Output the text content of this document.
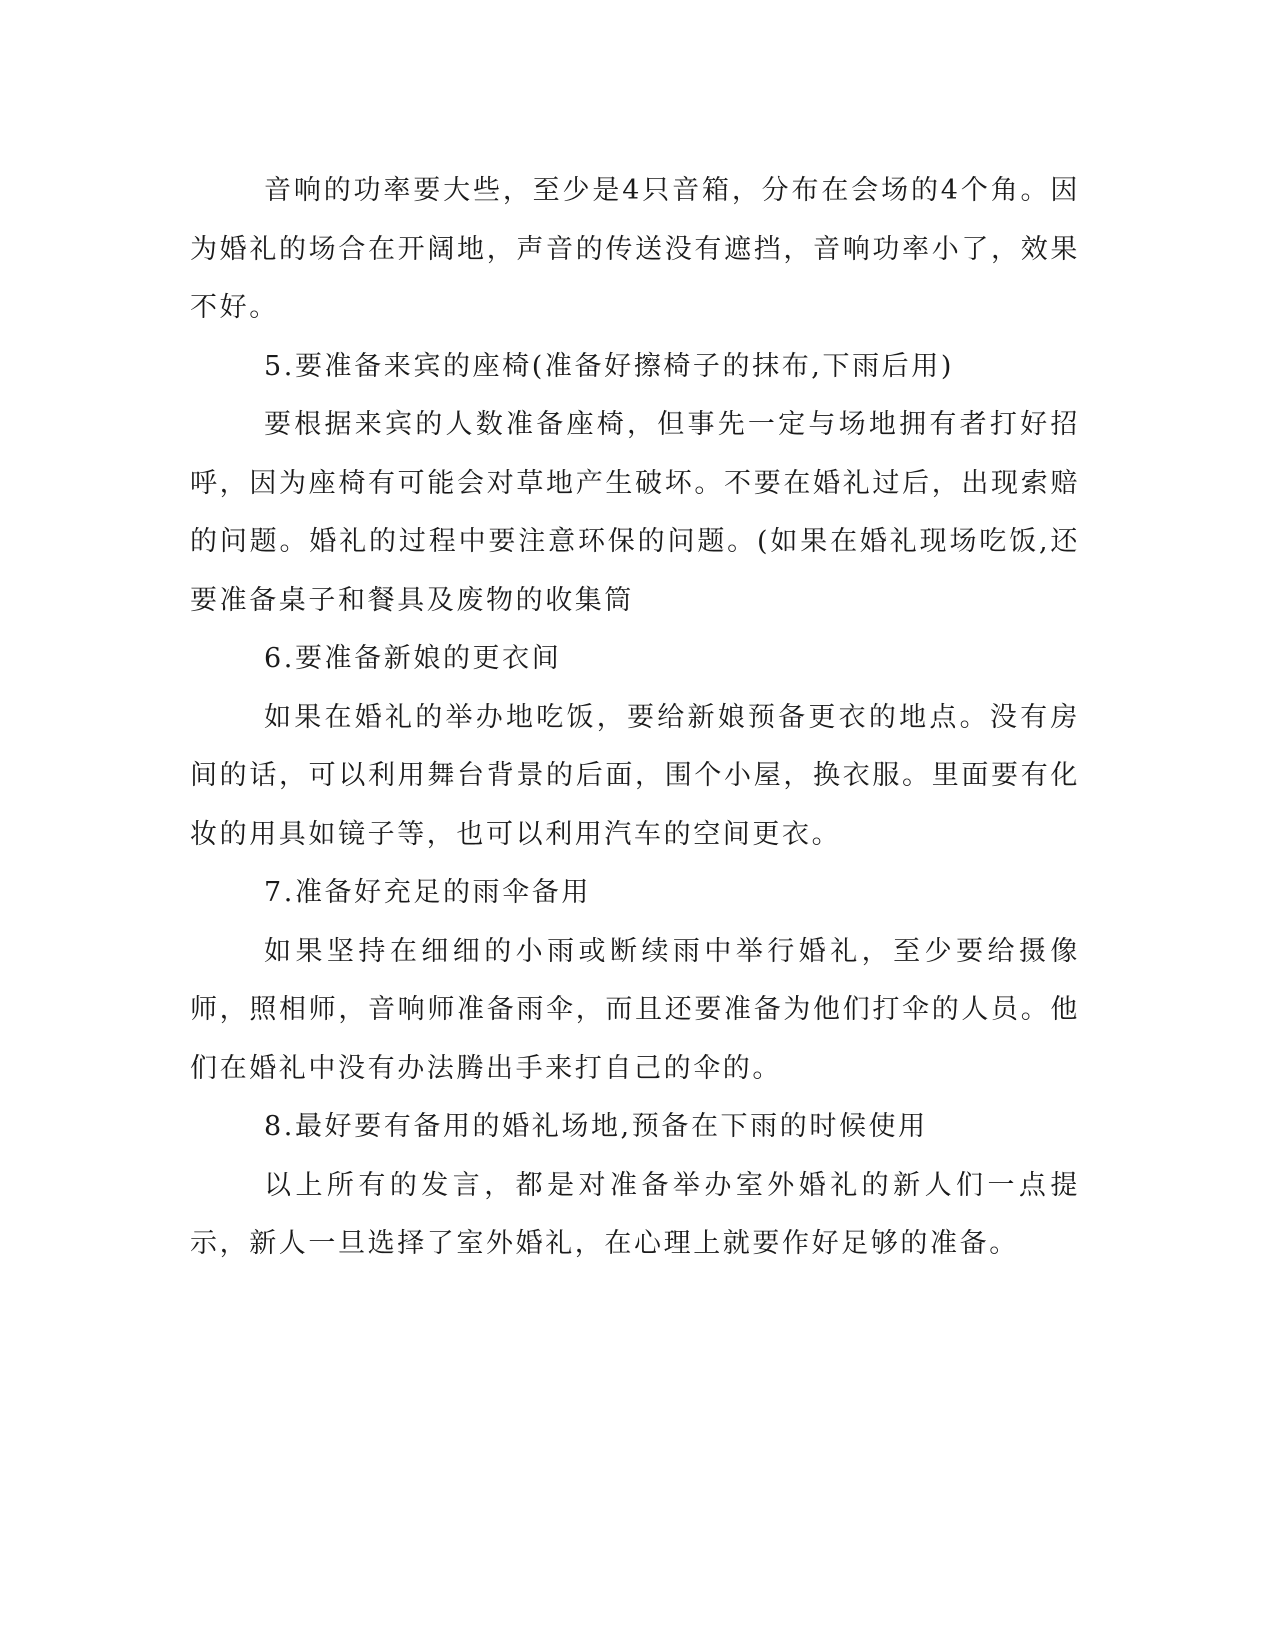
音响的功率要大些，至少是4只音箱，分布在会场的4个角。因为婚礼的场合在开阔地，声音的传送没有遮挡，音响功率小了，效果不好。

5.要准备来宾的座椅(准备好擦椅子的抹布,下雨后用)

要根据来宾的人数准备座椅，但事先一定与场地拥有者打好招呼，因为座椅有可能会对草地产生破坏。不要在婚礼过后，出现索赔的问题。婚礼的过程中要注意环保的问题。(如果在婚礼现场吃饭,还要准备桌子和餐具及废物的收集筒

6.要准备新娘的更衣间

如果在婚礼的举办地吃饭，要给新娘预备更衣的地点。没有房间的话，可以利用舞台背景的后面，围个小屋，换衣服。里面要有化妆的用具如镜子等，也可以利用汽车的空间更衣。

7.准备好充足的雨伞备用

如果坚持在细细的小雨或断续雨中举行婚礼，至少要给摄像师，照相师，音响师准备雨伞，而且还要准备为他们打伞的人员。他们在婚礼中没有办法腾出手来打自己的伞的。

8.最好要有备用的婚礼场地,预备在下雨的时候使用

以上所有的发言，都是对准备举办室外婚礼的新人们一点提示，新人一旦选择了室外婚礼，在心理上就要作好足够的准备。
